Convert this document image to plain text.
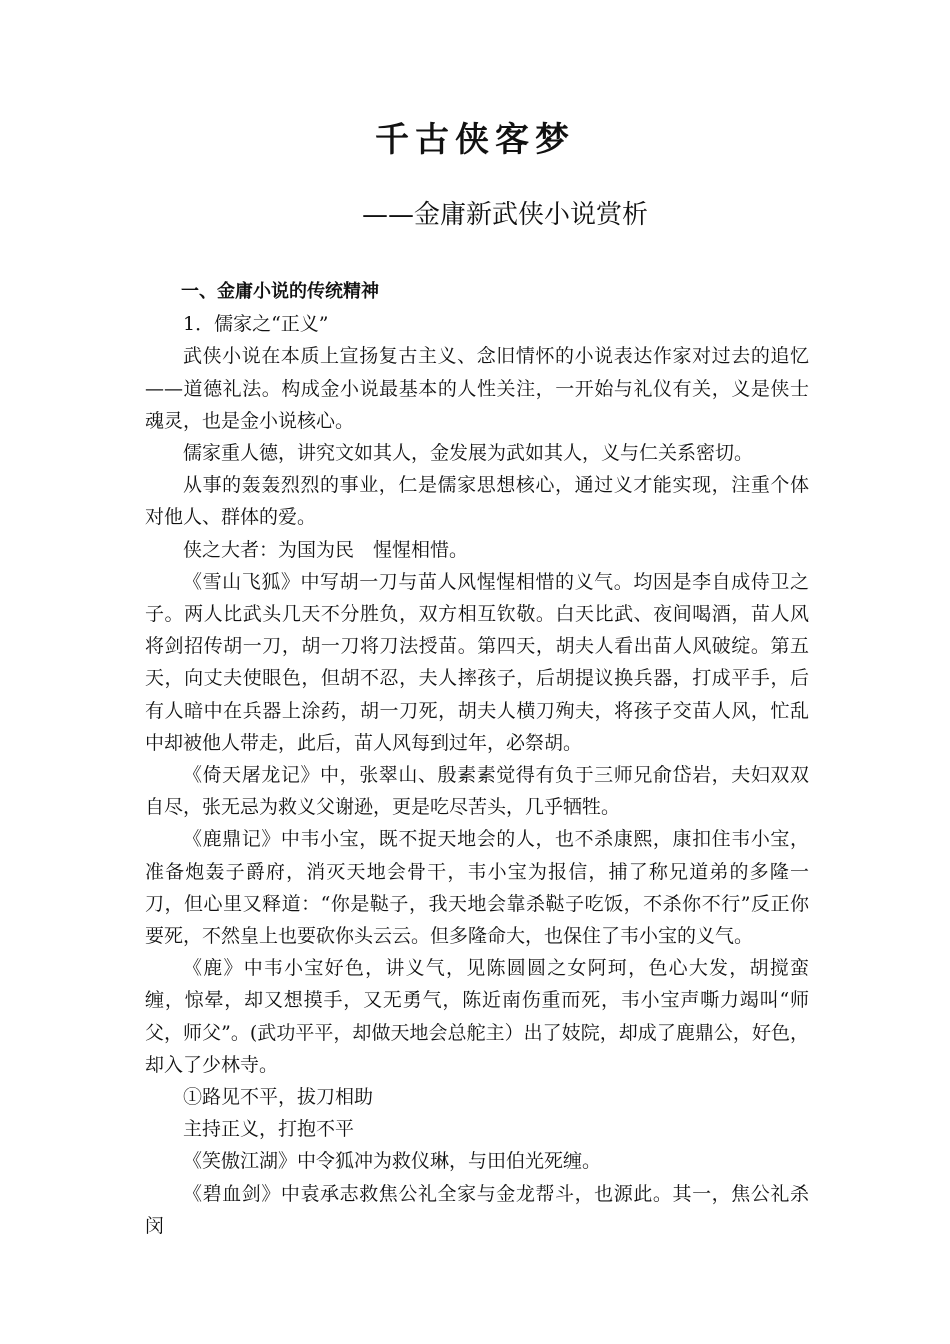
千古侠客梦
——金庸新武侠小说赏析

一、金庸小说的传统精神

1．儒家之“正义”

武侠小说在本质上宣扬复古主义、念旧情怀的小说表达作家对过去的追忆——道德礼法。构成金小说最基本的人性关注，一开始与礼仪有关，义是侠士魂灵，也是金小说核心。

儒家重人德，讲究文如其人，金发展为武如其人，义与仁关系密切。

从事的轰轰烈烈的事业，仁是儒家思想核心，通过义才能实现，注重个体对他人、群体的爱。

侠之大者：为国为民　惺惺相惜。

《雪山飞狐》中写胡一刀与苗人风惺惺相惜的义气。均因是李自成侍卫之子。两人比武头几天不分胜负，双方相互钦敬。白天比武、夜间喝酒，苗人风将剑招传胡一刀，胡一刀将刀法授苗。第四天，胡夫人看出苗人风破绽。第五天，向丈夫使眼色，但胡不忍，夫人摔孩子，后胡提议换兵器，打成平手，后有人暗中在兵器上涂药，胡一刀死，胡夫人横刀殉夫，将孩子交苗人风，忙乱中却被他人带走，此后，苗人风每到过年，必祭胡。

《倚天屠龙记》中，张翠山、殷素素觉得有负于三师兄俞岱岩，夫妇双双自尽，张无忌为救义父谢逊，更是吃尽苦头，几乎牺牲。

《鹿鼎记》中韦小宝，既不捉天地会的人，也不杀康熙，康扣住韦小宝，准备炮轰子爵府，消灭天地会骨干，韦小宝为报信，捕了称兄道弟的多隆一刀，但心里又释道：“你是鞑子，我天地会靠杀鞑子吃饭，不杀你不行”反正你要死，不然皇上也要砍你头云云。但多隆命大，也保住了韦小宝的义气。

《鹿》中韦小宝好色，讲义气，见陈圆圆之女阿珂，色心大发，胡搅蛮缠，惊晕，却又想摸手，又无勇气，陈近南伤重而死，韦小宝声嘶力竭叫“师父，师父”。(武功平平，却做天地会总舵主）出了妓院，却成了鹿鼎公，好色，却入了少林寺。

①路见不平，拔刀相助

主持正义，打抱不平

《笑傲江湖》中令狐冲为救仪琳，与田伯光死缠。

《碧血剑》中袁承志救焦公礼全家与金龙帮斗，也源此。其一，焦公礼杀闵
